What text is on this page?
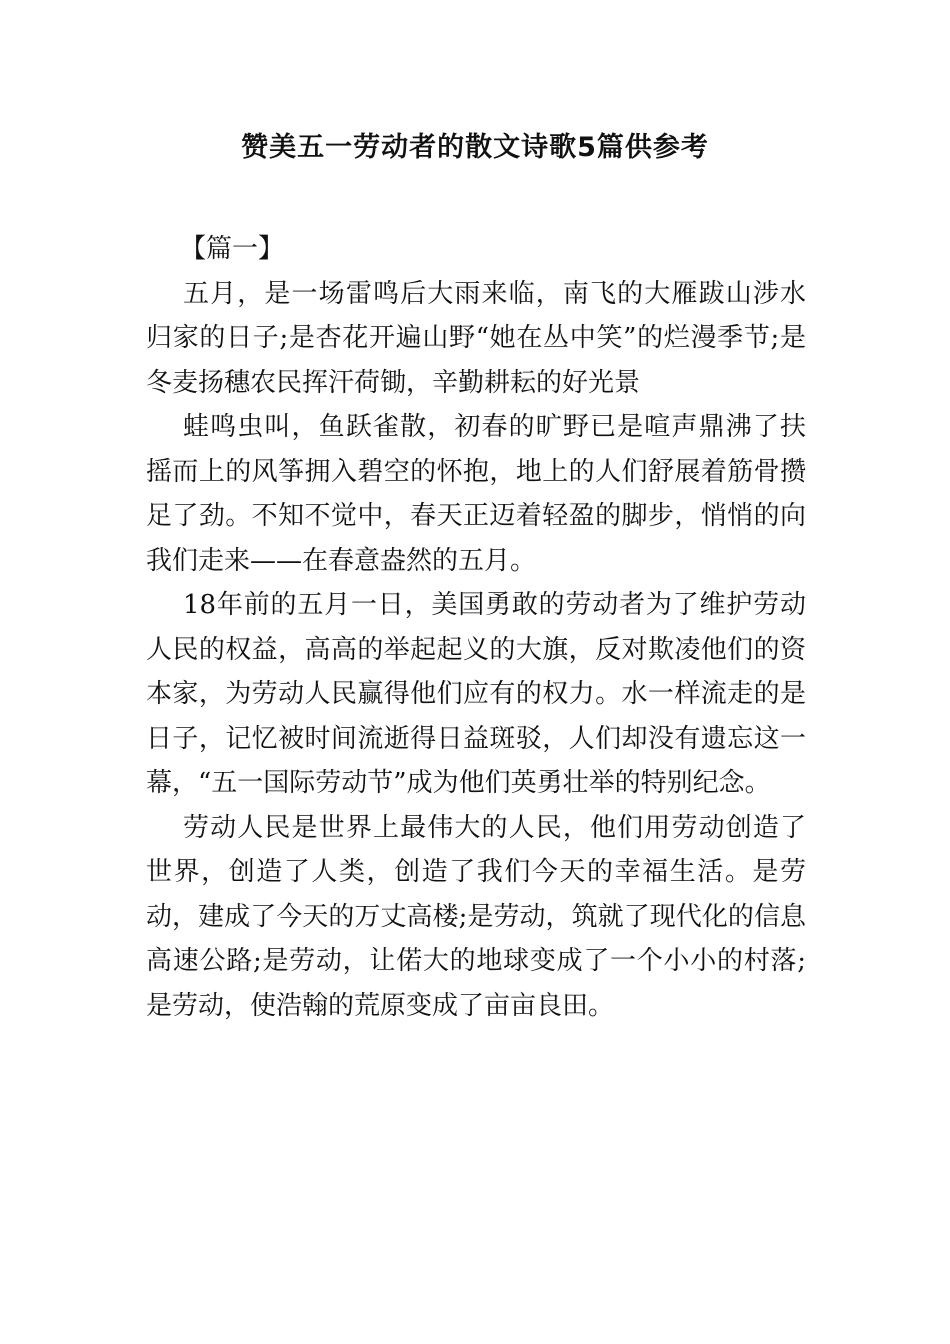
赞美五一劳动者的散文诗歌5篇供参考

【篇一】

五月，是一场雷鸣后大雨来临，南飞的大雁跋山涉水归家的日子;是杏花开遍山野“她在丛中笑”的烂漫季节;是冬麦扬穗农民挥汗荷锄，辛勤耕耘的好光景

蛙鸣虫叫，鱼跃雀散，初春的旷野已是喧声鼎沸了扶摇而上的风筝拥入碧空的怀抱，地上的人们舒展着筋骨攒足了劲。不知不觉中，春天正迈着轻盈的脚步，悄悄的向我们走来——在春意盎然的五月。

18年前的五月一日，美国勇敢的劳动者为了维护劳动人民的权益，高高的举起起义的大旗，反对欺凌他们的资本家，为劳动人民赢得他们应有的权力。水一样流走的是日子，记忆被时间流逝得日益斑驳，人们却没有遗忘这一幕，“五一国际劳动节”成为他们英勇壮举的特别纪念。

劳动人民是世界上最伟大的人民，他们用劳动创造了世界，创造了人类，创造了我们今天的幸福生活。是劳动，建成了今天的万丈高楼;是劳动，筑就了现代化的信息高速公路;是劳动，让偌大的地球变成了一个小小的村落;是劳动，使浩翰的荒原变成了亩亩良田。
